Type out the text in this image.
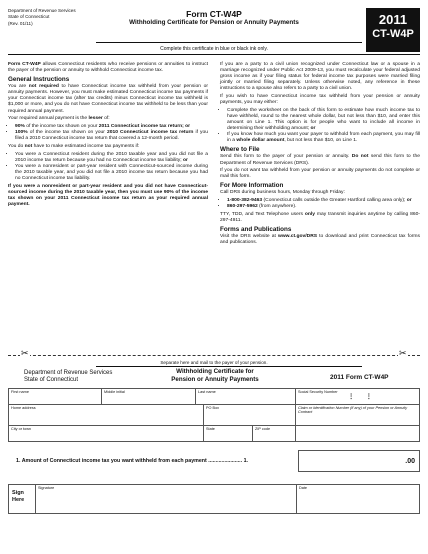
Department of Revenue Services
State of Connecticut
(Rev. 01/11)
Form CT-W4P
Withholding Certificate for Pension or Annuity Payments	2011
CT-W4P
Complete this certificate in blue or black ink only.

Form CT-W4P allows Connecticut residents who receive pensions or annuities to instruct the payer of the pension or annuity to withhold Connecticut income tax.

General Instructions

You are not required to have Connecticut income tax withheld from your pension or annuity payments. However, you must make estimated Connecticut income tax payments if your Connecticut income tax (after tax credits) minus Connecticut income tax withheld is $1,000 or more, and you do not have Connecticut income tax withheld to be less than your required annual payment.

Your required annual payment is the lesser of:

• 90% of the income tax shown on your 2011 Connecticut income tax return; or
• 100% of the income tax shown on your 2010 Connecticut income tax return if you filed a 2010 Connecticut income tax return that covered a 12-month period.

You do not have to make estimated income tax payments if:

• You were a Connecticut resident during the 2010 taxable year and you did not file a 2010 income tax return because you had no Connecticut income tax liability; or
• You were a nonresident or part-year resident with Connecticut-sourced income during the 2010 taxable year, and you did not file a 2010 income tax return because you had no Connecticut income tax liability.

If you were a nonresident or part-year resident and you did not have Connecticut-sourced income during the 2010 taxable year, then you must use 90% of the income tax shown on your 2011 Connecticut income tax return as your required annual payment.

If you are a party to a civil union recognized under Connecticut law or a spouse in a marriage recognized under Public Act 2009-13, you must recalculate your federal adjusted gross income as if your filing status for federal income tax purposes were married filing jointly or married filing separately. Unless otherwise noted, any reference in these instructions to a spouse also refers to a party to a civil union.

If you wish to have Connecticut income tax withheld from your pension or annuity payments, you may either:

• Complete the worksheet on the back of this form to estimate how much income tax to have withheld, round to the nearest whole dollar, but not less than $10, and enter this amount on Line 1. This option is for people who want to include all income in determining their withholding amount; or
• If you know how much you want your payer to withhold from each payment, you may fill in a whole dollar amount, but not less than $10, on Line 1.
Where to File

Send this form to the payer of your pension or annuity. Do not send this form to the Department of Revenue Services (DRS).

If you do not want tax withheld from your pension or annuity payments do not complete or mail this form.

For More Information

Call DRS during business hours, Monday through Friday:

• 1-800-382-9463 (Connecticut calls outside the Greater Hartford calling area only); or
• 860-297-5962 (from anywhere).

TTY, TDD, and Text Telephone users only may transmit inquiries anytime by calling 860-297-4911.

Forms and Publications

Visit the DRS website at www.ct.gov/DRS to download and print Connecticut tax forms and publications.

✂	✂
Separate here and mail to the payer of your pension.
Department of Revenue Services
State of Connecticut
Withholding Certificate for
Pension or Annuity Payments	2011 Form CT-W4P
First name	Middle initial	Last name	Social Security Number
⋮       ⋮
Home address	PO Box	Claim or Identification Number (if any) of your Pension or Annuity Contract
City or town	State	ZIP code
1. Amount of Connecticut income tax you want withheld from each payment ....................... 1.	.00
Sign Here
Signature	Date
